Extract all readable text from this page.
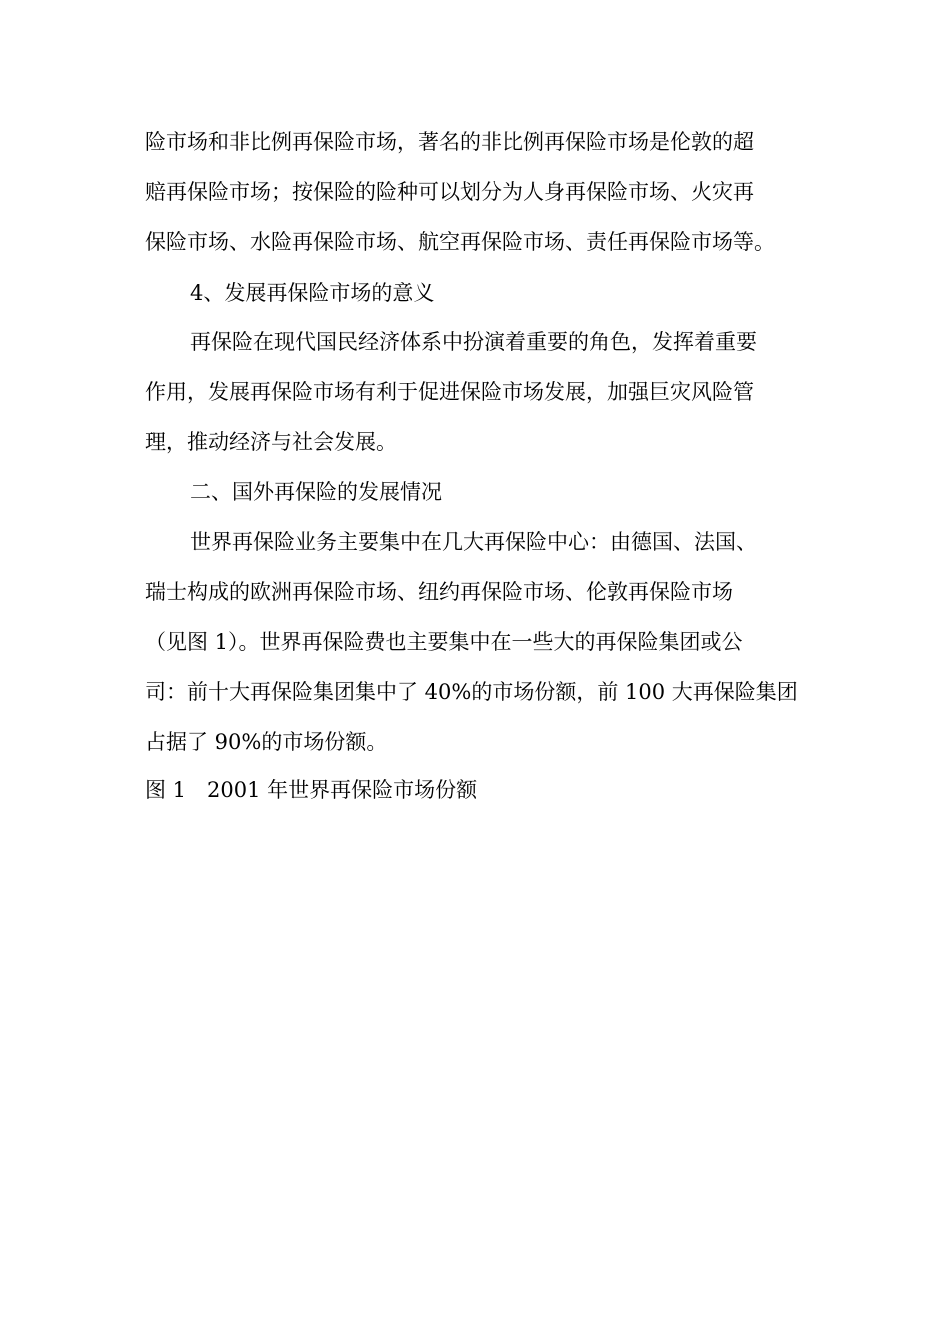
险市场和非比例再保险市场，著名的非比例再保险市场是伦敦的超
赔再保险市场；按保险的险种可以划分为人身再保险市场、火灾再
保险市场、水险再保险市场、航空再保险市场、责任再保险市场等。
4、发展再保险市场的意义
再保险在现代国民经济体系中扮演着重要的角色，发挥着重要
作用，发展再保险市场有利于促进保险市场发展，加强巨灾风险管
理，推动经济与社会发展。
二、国外再保险的发展情况
世界再保险业务主要集中在几大再保险中心：由德国、法国、
瑞士构成的欧洲再保险市场、纽约再保险市场、伦敦再保险市场
（见图 1）。世界再保险费也主要集中在一些大的再保险集团或公
司：前十大再保险集团集中了 40%的市场份额，前 100 大再保险集团
占据了 90%的市场份额。
图 1　2001 年世界再保险市场份额
